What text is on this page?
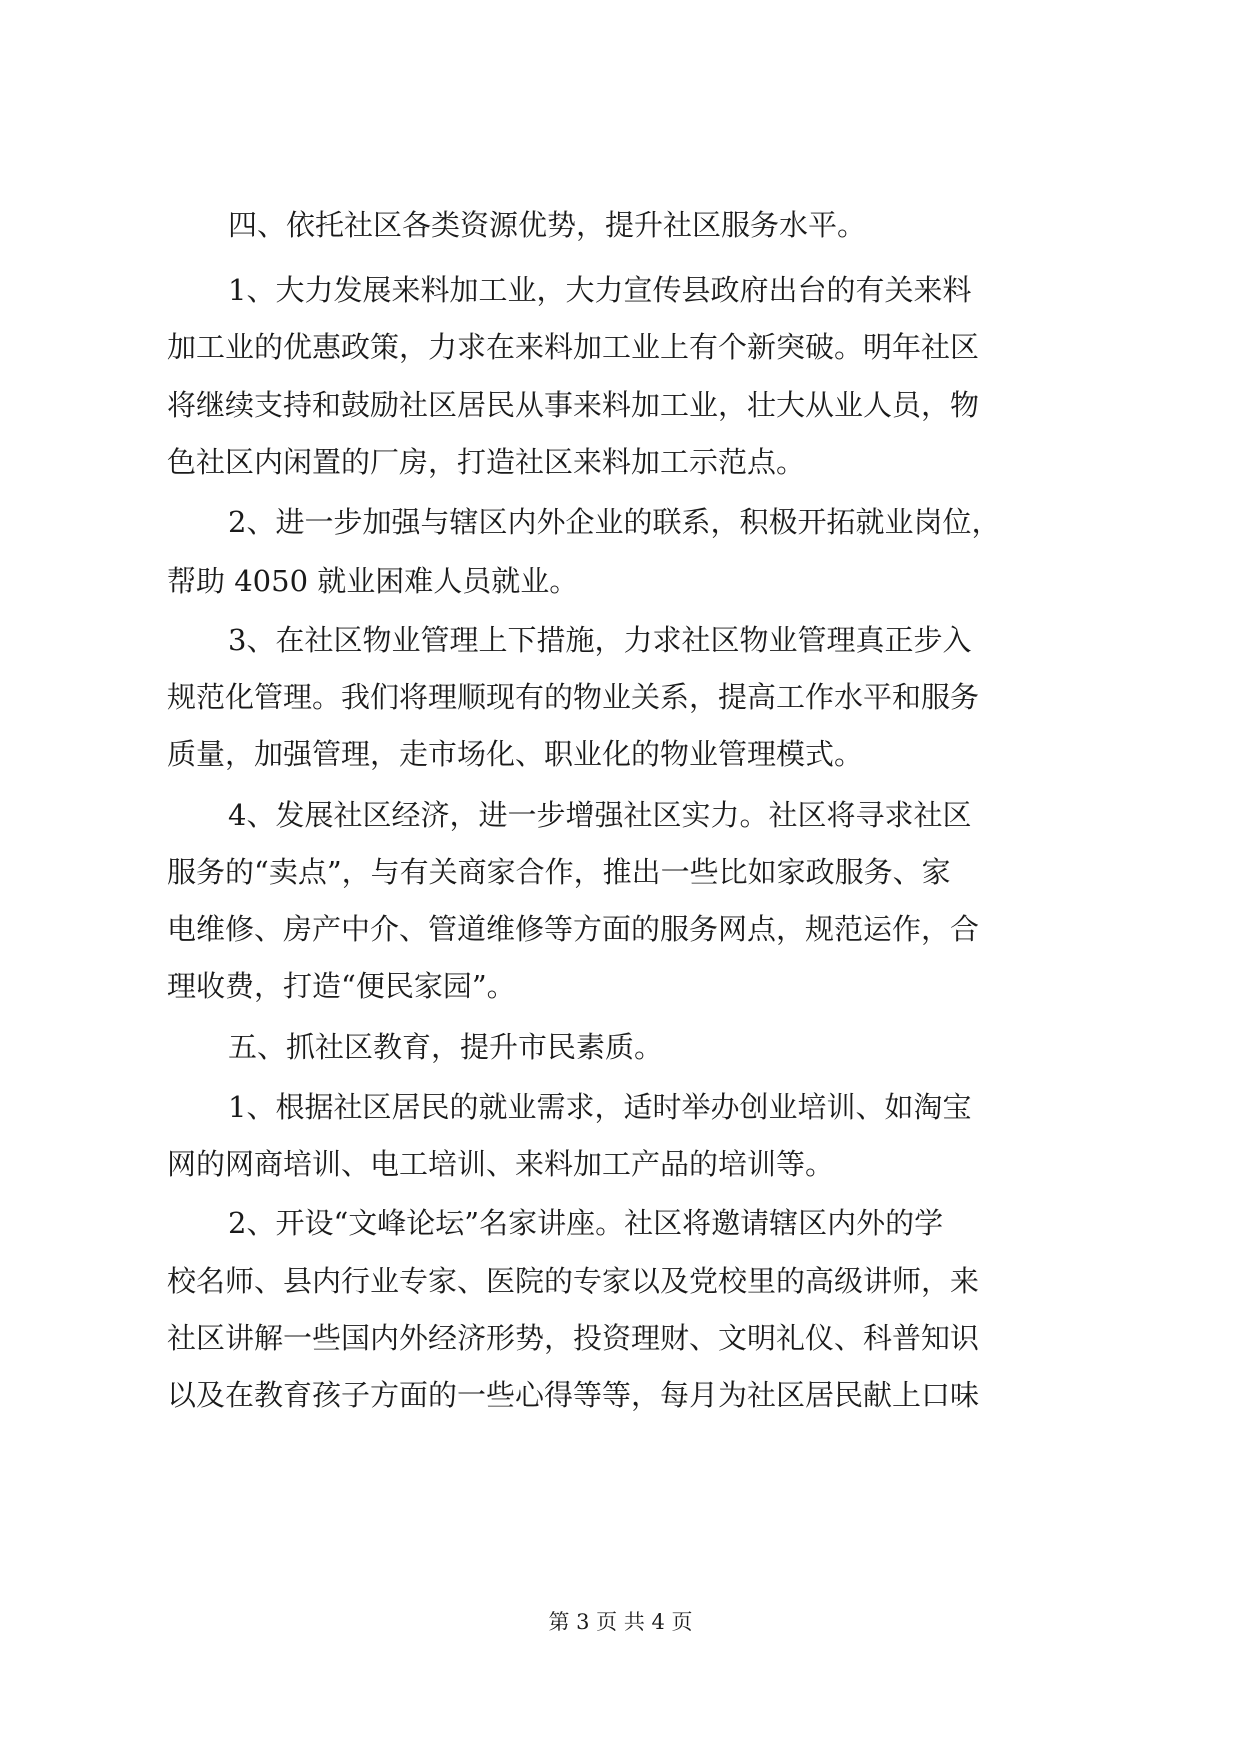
四、依托社区各类资源优势，提升社区服务水平。
1、大力发展来料加工业，大力宣传县政府出台的有关来料
加工业的优惠政策，力求在来料加工业上有个新突破。明年社区
将继续支持和鼓励社区居民从事来料加工业，壮大从业人员，物
色社区内闲置的厂房，打造社区来料加工示范点。
2、进一步加强与辖区内外企业的联系，积极开拓就业岗位，
帮助 4050 就业困难人员就业。
3、在社区物业管理上下措施，力求社区物业管理真正步入
规范化管理。我们将理顺现有的物业关系，提高工作水平和服务
质量，加强管理，走市场化、职业化的物业管理模式。
4、发展社区经济，进一步增强社区实力。社区将寻求社区
服务的“卖点”，与有关商家合作，推出一些比如家政服务、家
电维修、房产中介、管道维修等方面的服务网点，规范运作，合
理收费，打造“便民家园”。
五、抓社区教育，提升市民素质。
1、根据社区居民的就业需求，适时举办创业培训、如淘宝
网的网商培训、电工培训、来料加工产品的培训等。
2、开设“文峰论坛”名家讲座。社区将邀请辖区内外的学
校名师、县内行业专家、医院的专家以及党校里的高级讲师，来
社区讲解一些国内外经济形势，投资理财、文明礼仪、科普知识
以及在教育孩子方面的一些心得等等，每月为社区居民献上口味
第 3 页 共 4 页
